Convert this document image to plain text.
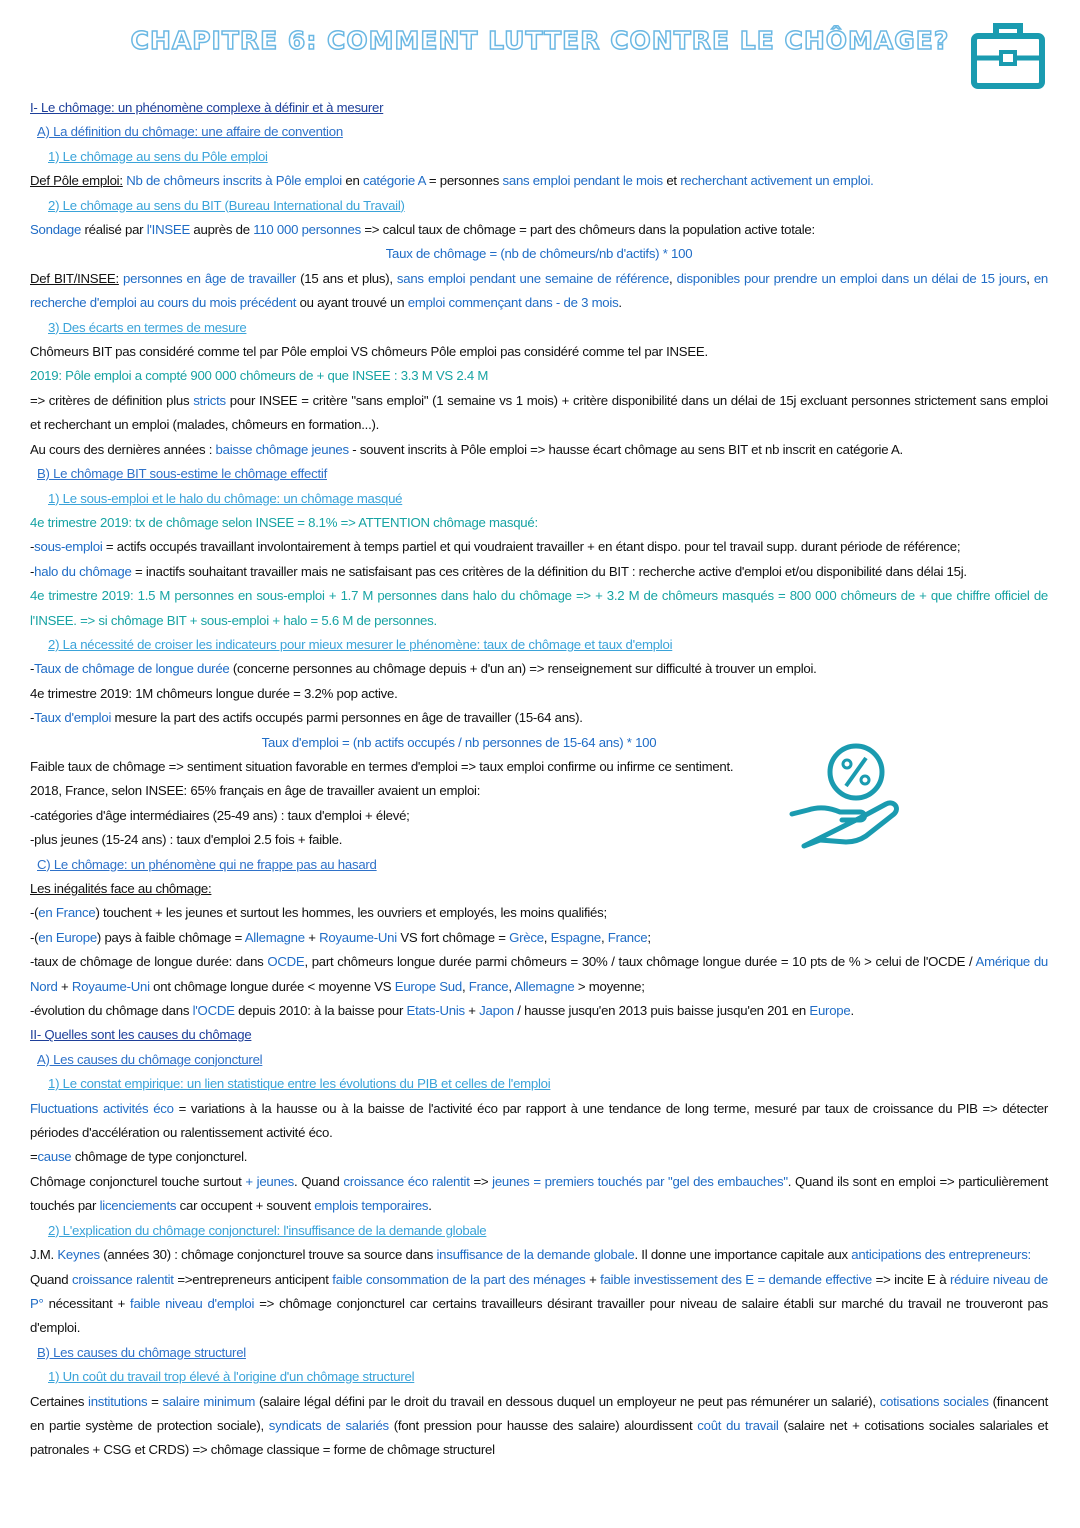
CHAPITRE 6: COMMENT LUTTER CONTRE LE CHÔMAGE?
I- Le chômage: un phénomène complexe à définir et à mesurer
A) La définition du chômage: une affaire de convention
1) Le chômage au sens du Pôle emploi
Def Pôle emploi: Nb de chômeurs inscrits à Pôle emploi en catégorie A = personnes sans emploi pendant le mois et recherchant activement un emploi.
2) Le chômage au sens du BIT (Bureau International du Travail)
Sondage réalisé par l'INSEE auprès de 110 000 personnes => calcul taux de chômage = part des chômeurs dans la population active totale:
Taux de chômage = (nb de chômeurs/nb d'actifs) * 100
Def BIT/INSEE: personnes en âge de travailler (15 ans et plus), sans emploi pendant une semaine de référence, disponibles pour prendre un emploi dans un délai de 15 jours, en recherche d'emploi au cours du mois précédent ou ayant trouvé un emploi commençant dans - de 3 mois.
3) Des écarts en termes de mesure
Chômeurs BIT pas considéré comme tel par Pôle emploi VS chômeurs Pôle emploi pas considéré comme tel par INSEE.
2019: Pôle emploi a compté 900 000 chômeurs de + que INSEE : 3.3 M VS 2.4 M
=> critères de définition plus stricts pour INSEE = critère "sans emploi" (1 semaine vs 1 mois) + critère disponibilité dans un délai de 15j excluant personnes strictement sans emploi et recherchant un emploi (malades, chômeurs en formation...).
Au cours des dernières années : baisse chômage jeunes - souvent inscrits à Pôle emploi => hausse écart chômage au sens BIT et nb inscrit en catégorie A.
B) Le chômage BIT sous-estime le chômage effectif
1) Le sous-emploi et le halo du chômage: un chômage masqué
4e trimestre 2019: tx de chômage selon INSEE = 8.1% => ATTENTION chômage masqué:
-sous-emploi = actifs occupés travaillant involontairement à temps partiel et qui voudraient travailler + en étant dispo. pour tel travail supp. durant période de référence;
-halo du chômage = inactifs souhaitant travailler mais ne satisfaisant pas ces critères de la définition du BIT : recherche active d'emploi et/ou disponibilité dans délai 15j.
4e trimestre 2019: 1.5 M personnes en sous-emploi + 1.7 M personnes dans halo du chômage => + 3.2 M de chômeurs masqués = 800 000 chômeurs de + que chiffre officiel de l'INSEE. => si chômage BIT + sous-emploi + halo = 5.6 M de personnes.
2) La nécessité de croiser les indicateurs pour mieux mesurer le phénomène: taux de chômage et taux d'emploi
-Taux de chômage de longue durée (concerne personnes au chômage depuis + d'un an) => renseignement sur difficulté à trouver un emploi.
4e trimestre 2019: 1M chômeurs longue durée = 3.2% pop active.
-Taux d'emploi mesure la part des actifs occupés parmi personnes en âge de travailler (15-64 ans).
Taux d'emploi = (nb actifs occupés / nb personnes de 15-64 ans) * 100
Faible taux de chômage => sentiment situation favorable en termes d'emploi => taux emploi confirme ou infirme ce sentiment.
2018, France, selon INSEE: 65% français en âge de travailler avaient un emploi:
-catégories d'âge intermédiaires (25-49 ans) : taux d'emploi + élevé;
-plus jeunes (15-24 ans) : taux d'emploi 2.5 fois + faible.
C) Le chômage: un phénomène qui ne frappe pas au hasard
Les inégalités face au chômage:
-(en France) touchent + les jeunes et surtout les hommes, les ouvriers et employés, les moins qualifiés;
-(en Europe) pays à faible chômage = Allemagne + Royaume-Uni VS fort chômage = Grèce, Espagne, France;
-taux de chômage de longue durée: dans OCDE, part chômeurs longue durée parmi chômeurs = 30% / taux chômage longue durée = 10 pts de % > celui de l'OCDE / Amérique du Nord + Royaume-Uni ont chômage longue durée < moyenne VS Europe Sud, France, Allemagne > moyenne;
-évolution du chômage dans l'OCDE depuis 2010: à la baisse pour Etats-Unis + Japon / hausse jusqu'en 2013 puis baisse jusqu'en 201 en Europe.
II- Quelles sont les causes du chômage
A) Les causes du chômage conjoncturel
1) Le constat empirique: un lien statistique entre les évolutions du PIB et celles de l'emploi
Fluctuations activités éco = variations à la hausse ou à la baisse de l'activité éco par rapport à une tendance de long terme, mesuré par taux de croissance du PIB => détecter périodes d'accélération ou ralentissement activité éco.
=cause chômage de type conjoncturel.
Chômage conjoncturel touche surtout + jeunes. Quand croissance éco ralentit => jeunes = premiers touchés par "gel des embauches". Quand ils sont en emploi => particulièrement touchés par licenciements car occupent + souvent emplois temporaires.
2) L'explication du chômage conjoncturel: l'insuffisance de la demande globale
J.M. Keynes (années 30) : chômage conjoncturel trouve sa source dans insuffisance de la demande globale. Il donne une importance capitale aux anticipations des entrepreneurs:
Quand croissance ralentit =>entrepreneurs anticipent faible consommation de la part des ménages + faible investissement des E = demande effective => incite E à réduire niveau de P° nécessitant + faible niveau d'emploi => chômage conjoncturel car certains travailleurs désirant travailler pour niveau de salaire établi sur marché du travail ne trouveront pas d'emploi.
B) Les causes du chômage structurel
1) Un coût du travail trop élevé à l'origine d'un chômage structurel
Certaines institutions = salaire minimum (salaire légal défini par le droit du travail en dessous duquel un employeur ne peut pas rémunérer un salarié), cotisations sociales (financent en partie système de protection sociale), syndicats de salariés (font pression pour hausse des salaire) alourdissent coût du travail (salaire net + cotisations sociales salariales et patronales + CSG et CRDS) => chômage classique = forme de chômage structurel
